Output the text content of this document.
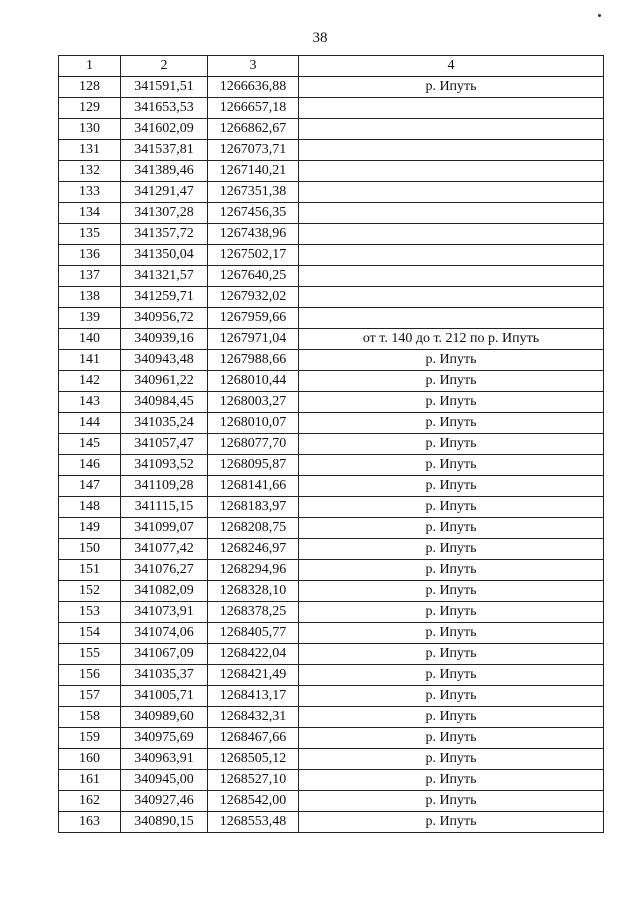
38
1	2	3	4
128	341591,51	1266636,88	р. Ипуть
129	341653,53	1266657,18	
130	341602,09	1266862,67	
131	341537,81	1267073,71	
132	341389,46	1267140,21	
133	341291,47	1267351,38	
134	341307,28	1267456,35	
135	341357,72	1267438,96	
136	341350,04	1267502,17	
137	341321,57	1267640,25	
138	341259,71	1267932,02	
139	340956,72	1267959,66	
140	340939,16	1267971,04	от т. 140 до т. 212 по р. Ипуть
141	340943,48	1267988,66	р. Ипуть
142	340961,22	1268010,44	р. Ипуть
143	340984,45	1268003,27	р. Ипуть
144	341035,24	1268010,07	р. Ипуть
145	341057,47	1268077,70	р. Ипуть
146	341093,52	1268095,87	р. Ипуть
147	341109,28	1268141,66	р. Ипуть
148	341115,15	1268183,97	р. Ипуть
149	341099,07	1268208,75	р. Ипуть
150	341077,42	1268246,97	р. Ипуть
151	341076,27	1268294,96	р. Ипуть
152	341082,09	1268328,10	р. Ипуть
153	341073,91	1268378,25	р. Ипуть
154	341074,06	1268405,77	р. Ипуть
155	341067,09	1268422,04	р. Ипуть
156	341035,37	1268421,49	р. Ипуть
157	341005,71	1268413,17	р. Ипуть
158	340989,60	1268432,31	р. Ипуть
159	340975,69	1268467,66	р. Ипуть
160	340963,91	1268505,12	р. Ипуть
161	340945,00	1268527,10	р. Ипуть
162	340927,46	1268542,00	р. Ипуть
163	340890,15	1268553,48	р. Ипуть
